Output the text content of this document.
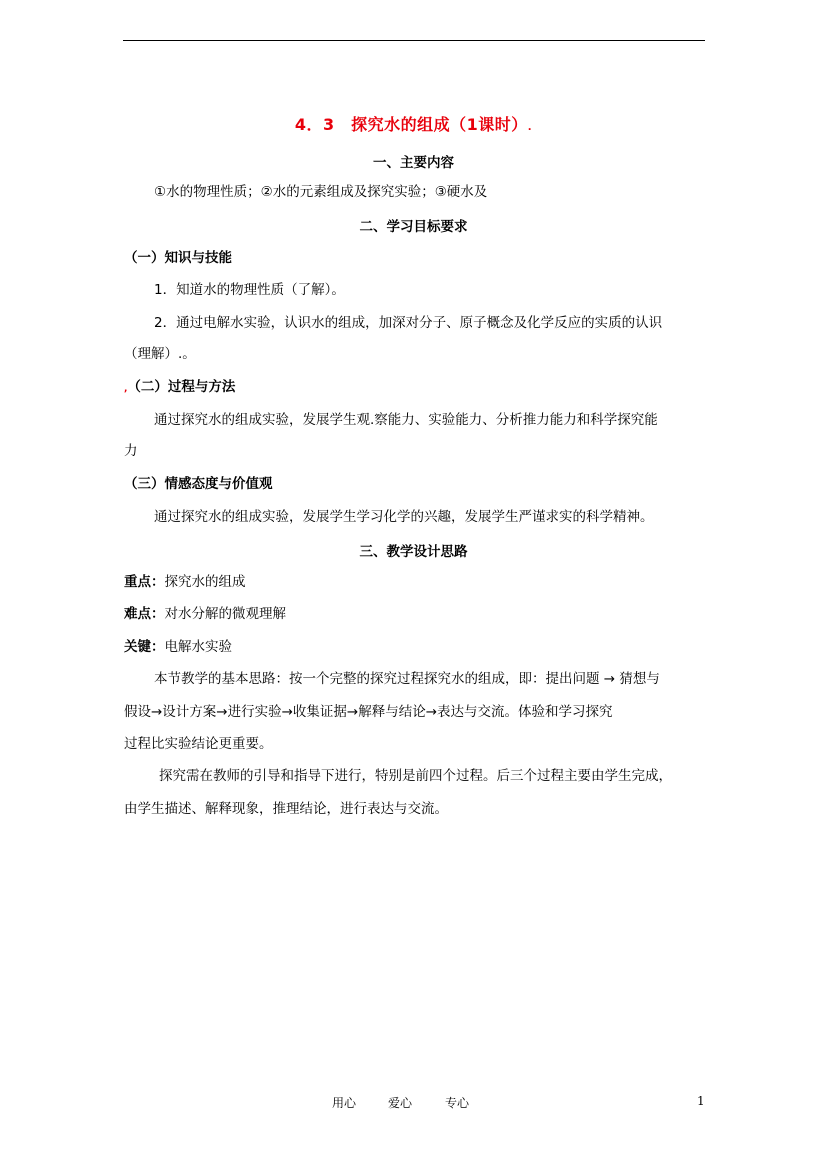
4．3　探究水的组成（1课时）.
一、主要内容
①水的物理性质；②水的元素组成及探究实验；③硬水及
二、学习目标要求
（一）知识与技能
1．知道水的物理性质（了解）。
2．通过电解水实验，认识水的组成，加深对分子、原子概念及化学反应的实质的认识
（理解）.。
,（二）过程与方法
通过探究水的组成实验，发展学生观.察能力、实验能力、分析推力能力和科学探究能
力
（三）情感态度与价值观
通过探究水的组成实验，发展学生学习化学的兴趣，发展学生严谨求实的科学精神。
三、教学设计思路
重点：探究水的组成
难点：对水分解的微观理解
关键：电解水实验
本节教学的基本思路：按一个完整的探究过程探究水的组成，即：提出问题 → 猜想与
假设→设计方案→进行实验→收集证据→解释与结论→表达与交流。体验和学习探究
过程比实验结论更重要。
探究需在教师的引导和指导下进行，特别是前四个过程。后三个过程主要由学生完成，
由学生描述、解释现象，推理结论，进行表达与交流。
用心	爱心	专心	1
